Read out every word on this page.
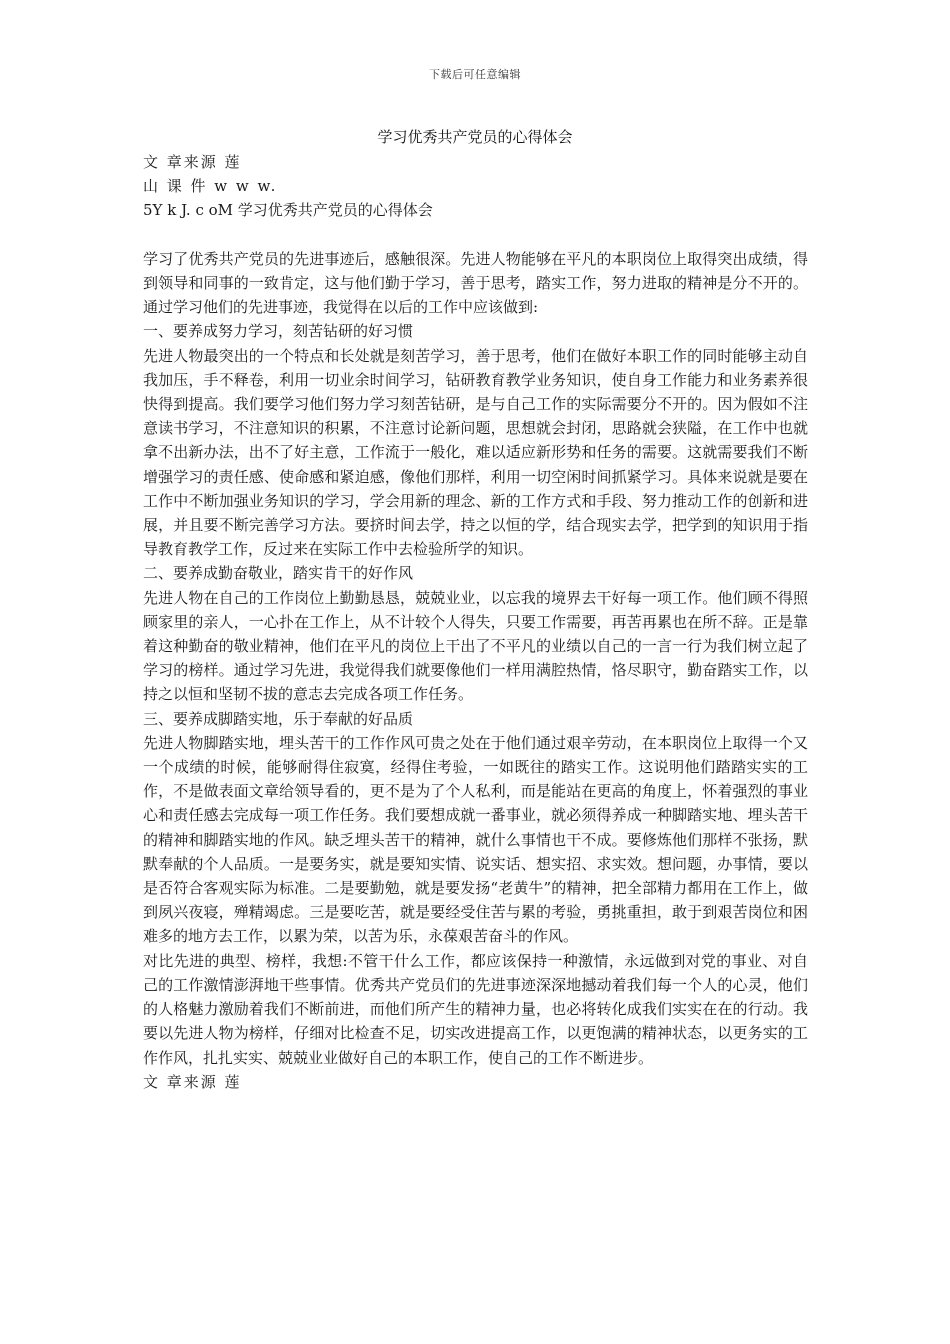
下载后可任意编辑
学习优秀共产党员的心得体会

文 章来源 莲

山 课 件 w w w.

5Y k J. c oM 学习优秀共产党员的心得体会

学习了优秀共产党员的先进事迹后，感触很深。先进人物能够在平凡的本职岗位上取得突出成绩，得到领导和同事的一致肯定，这与他们勤于学习，善于思考，踏实工作，努力进取的精神是分不开的。通过学习他们的先进事迹，我觉得在以后的工作中应该做到:

一、要养成努力学习，刻苦钻研的好习惯

先进人物最突出的一个特点和长处就是刻苦学习，善于思考，他们在做好本职工作的同时能够主动自我加压，手不释卷，利用一切业余时间学习，钻研教育教学业务知识，使自身工作能力和业务素养很快得到提高。我们要学习他们努力学习刻苦钻研，是与自己工作的实际需要分不开的。因为假如不注意读书学习，不注意知识的积累，不注意讨论新问题，思想就会封闭，思路就会狭隘，在工作中也就拿不出新办法，出不了好主意，工作流于一般化，难以适应新形势和任务的需要。这就需要我们不断增强学习的责任感、使命感和紧迫感，像他们那样，利用一切空闲时间抓紧学习。具体来说就是要在工作中不断加强业务知识的学习，学会用新的理念、新的工作方式和手段、努力推动工作的创新和进展，并且要不断完善学习方法。要挤时间去学，持之以恒的学，结合现实去学，把学到的知识用于指导教育教学工作，反过来在实际工作中去检验所学的知识。

二、要养成勤奋敬业，踏实肯干的好作风

先进人物在自己的工作岗位上勤勤恳恳，兢兢业业，以忘我的境界去干好每一项工作。他们顾不得照顾家里的亲人，一心扑在工作上，从不计较个人得失，只要工作需要，再苦再累也在所不辞。正是靠着这种勤奋的敬业精神，他们在平凡的岗位上干出了不平凡的业绩以自己的一言一行为我们树立起了学习的榜样。通过学习先进，我觉得我们就要像他们一样用满腔热情，恪尽职守，勤奋踏实工作，以持之以恒和坚韧不拔的意志去完成各项工作任务。

三、要养成脚踏实地，乐于奉献的好品质

先进人物脚踏实地，埋头苦干的工作作风可贵之处在于他们通过艰辛劳动，在本职岗位上取得一个又一个成绩的时候，能够耐得住寂寞，经得住考验，一如既往的踏实工作。这说明他们踏踏实实的工作，不是做表面文章给领导看的，更不是为了个人私利，而是能站在更高的角度上，怀着强烈的事业心和责任感去完成每一项工作任务。我们要想成就一番事业，就必须得养成一种脚踏实地、埋头苦干的精神和脚踏实地的作风。缺乏埋头苦干的精神，就什么事情也干不成。要修炼他们那样不张扬，默默奉献的个人品质。一是要务实，就是要知实情、说实话、想实招、求实效。想问题，办事情，要以是否符合客观实际为标准。二是要勤勉，就是要发扬“老黄牛”的精神，把全部精力都用在工作上，做到夙兴夜寝，殚精竭虑。三是要吃苦，就是要经受住苦与累的考验，勇挑重担，敢于到艰苦岗位和困难多的地方去工作，以累为荣，以苦为乐，永葆艰苦奋斗的作风。

对比先进的典型、榜样，我想:不管干什么工作，都应该保持一种激情，永远做到对党的事业、对自己的工作激情澎湃地干些事情。优秀共产党员们的先进事迹深深地撼动着我们每一个人的心灵，他们的人格魅力激励着我们不断前进，而他们所产生的精神力量，也必将转化成我们实实在在的行动。我要以先进人物为榜样，仔细对比检查不足，切实改进提高工作，以更饱满的精神状态，以更务实的工作作风，扎扎实实、兢兢业业做好自己的本职工作，使自己的工作不断进步。

文 章来源 莲
